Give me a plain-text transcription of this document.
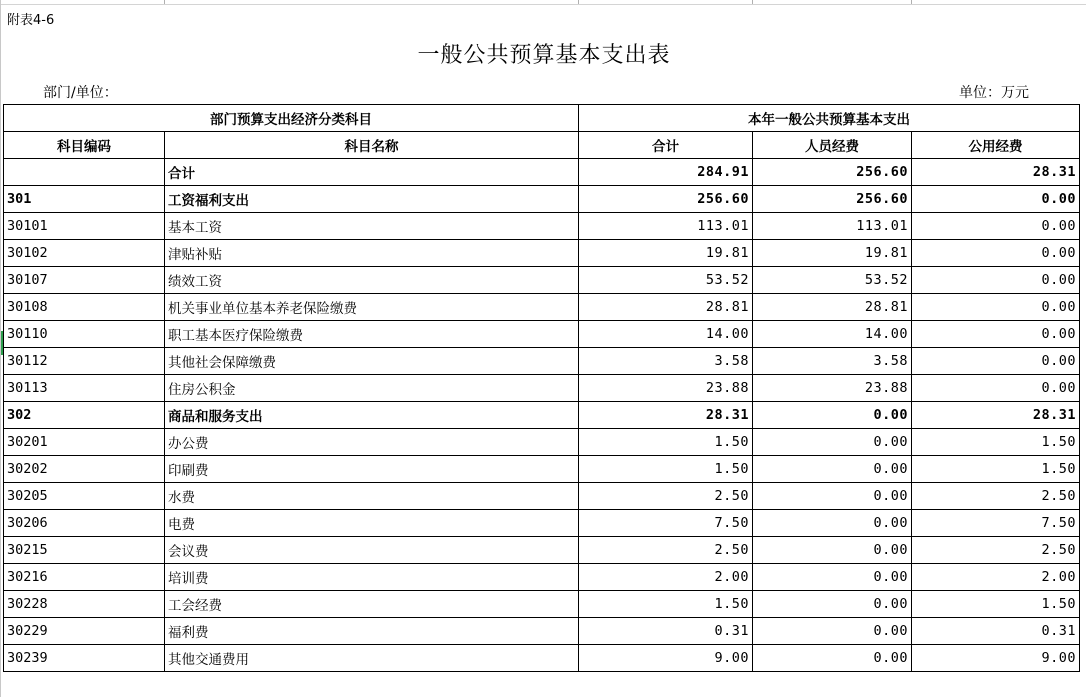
附表4-6
一般公共预算基本支出表
部门/单位：	单位：万元
部门预算支出经济分类科目		本年一般公共预算基本支出		
科目编码	科目名称	合计	人员经费	公用经费
	合计	284.91	256.60	28.31
301	工资福利支出	256.60	256.60	0.00
30101	基本工资	113.01	113.01	0.00
30102	津贴补贴	19.81	19.81	0.00
30107	绩效工资	53.52	53.52	0.00
30108	机关事业单位基本养老保险缴费	28.81	28.81	0.00
30110	职工基本医疗保险缴费	14.00	14.00	0.00
30112	其他社会保障缴费	3.58	3.58	0.00
30113	住房公积金	23.88	23.88	0.00
302	商品和服务支出	28.31	0.00	28.31
30201	办公费	1.50	0.00	1.50
30202	印刷费	1.50	0.00	1.50
30205	水费	2.50	0.00	2.50
30206	电费	7.50	0.00	7.50
30215	会议费	2.50	0.00	2.50
30216	培训费	2.00	0.00	2.00
30228	工会经费	1.50	0.00	1.50
30229	福利费	0.31	0.00	0.31
30239	其他交通费用	9.00	0.00	9.00
